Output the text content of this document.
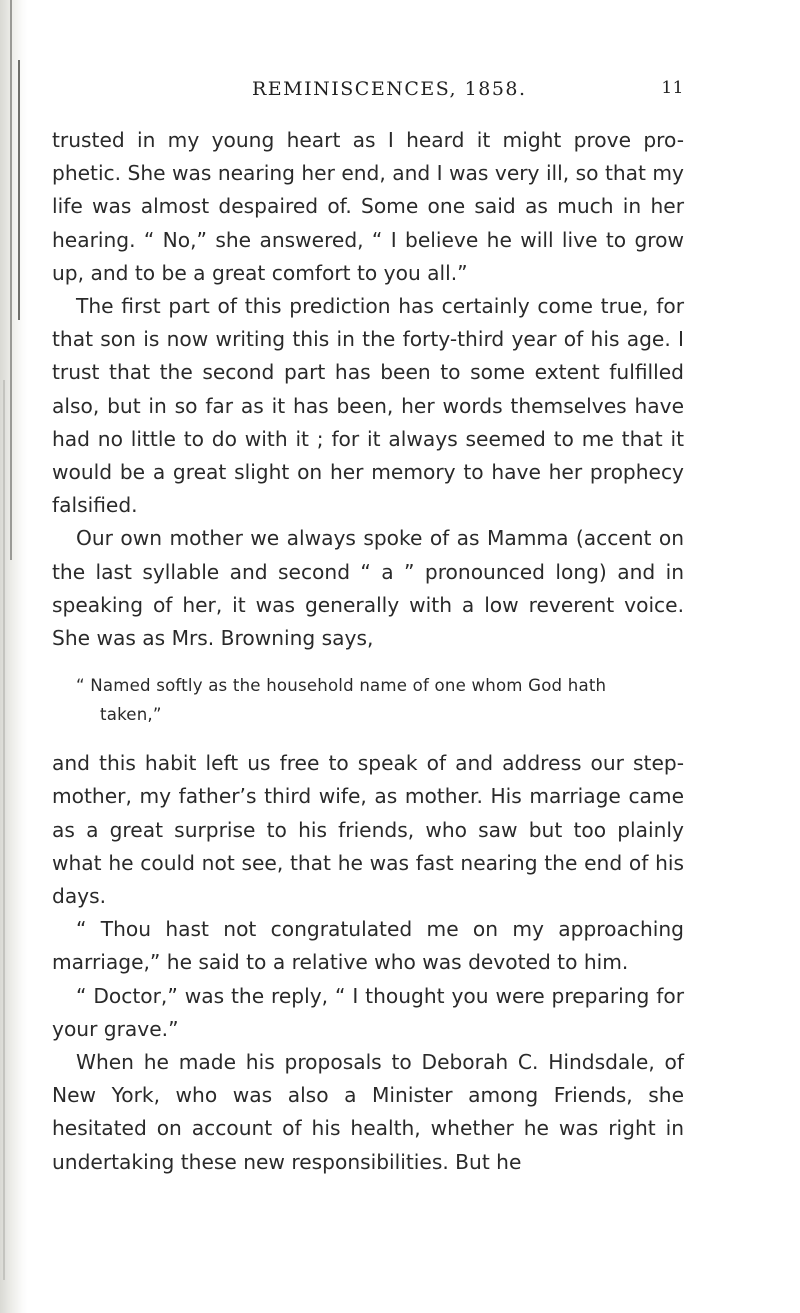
REMINISCENCES, 1858.	11

trusted in my young heart as I heard it might prove pro-phetic. She was nearing her end, and I was very ill, so that my life was almost despaired of. Some one said as much in her hearing. “ No,” she answered, “ I believe he will live to grow up, and to be a great comfort to you all.”

The first part of this prediction has certainly come true, for that son is now writing this in the forty-third year of his age. I trust that the second part has been to some extent fulfilled also, but in so far as it has been, her words themselves have had no little to do with it ; for it always seemed to me that it would be a great slight on her memory to have her prophecy falsified.

Our own mother we always spoke of as Mamma (accent on the last syllable and second “ a ” pronounced long) and in speaking of her, it was generally with a low reverent voice. She was as Mrs. Browning says,

“ Named softly as the household name of one whom God hath
taken,”

and this habit left us free to speak of and address our step-mother, my father’s third wife, as mother. His marriage came as a great surprise to his friends, who saw but too plainly what he could not see, that he was fast nearing the end of his days.

“ Thou hast not congratulated me on my approaching marriage,” he said to a relative who was devoted to him.

“ Doctor,” was the reply, “ I thought you were preparing for your grave.”

When he made his proposals to Deborah C. Hindsdale, of New York, who was also a Minister among Friends, she hesitated on account of his health, whether he was right in undertaking these new responsibilities. But he
